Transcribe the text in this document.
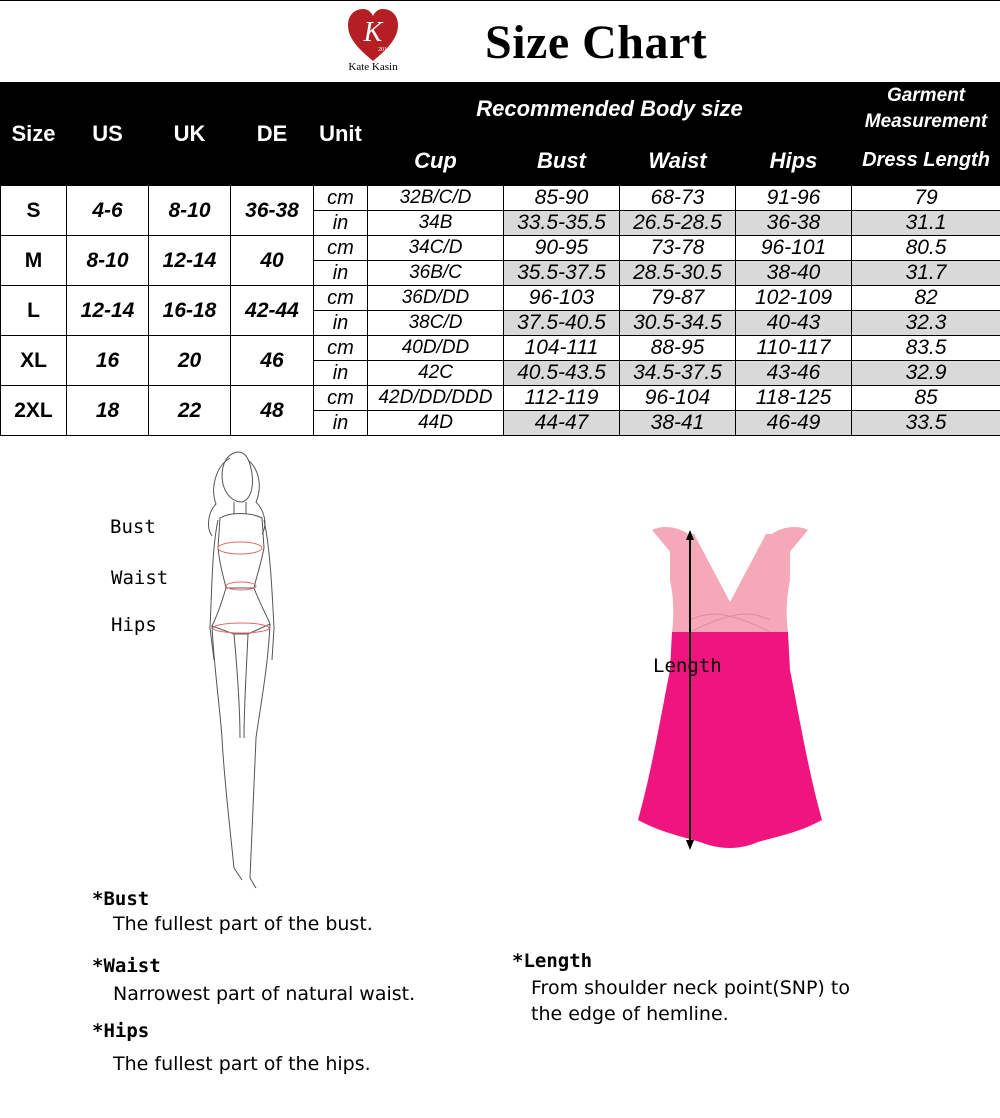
K
2015
Kate Kasin Size Chart
Size	US	UK	DE	Unit	Recommended Body size				Garment
Measurement
					Cup	Bust	Waist	Hips	Dress Length
S	4-6	8-10	36-38	cm	32B/C/D	85-90	68-73	91-96	79
				in	34B	33.5-35.5	26.5-28.5	36-38	31.1
M	8-10	12-14	40	cm	34C/D	90-95	73-78	96-101	80.5
				in	36B/C	35.5-37.5	28.5-30.5	38-40	31.7
L	12-14	16-18	42-44	cm	36D/DD	96-103	79-87	102-109	82
				in	38C/D	37.5-40.5	30.5-34.5	40-43	32.3
XL	16	20	46	cm	40D/DD	104-111	88-95	110-117	83.5
				in	42C	40.5-43.5	34.5-37.5	43-46	32.9
2XL	18	22	48	cm	42D/DD/DDD	112-119	96-104	118-125	85
				in	44D	44-47	38-41	46-49	33.5
Bust
Waist
Hips
Length
*Bust
The fullest part of the bust.
*Waist
Narrowest part of natural waist.
*Hips
The fullest part of the hips.
*Length
From shoulder neck point(SNP) to
the edge of hemline.
